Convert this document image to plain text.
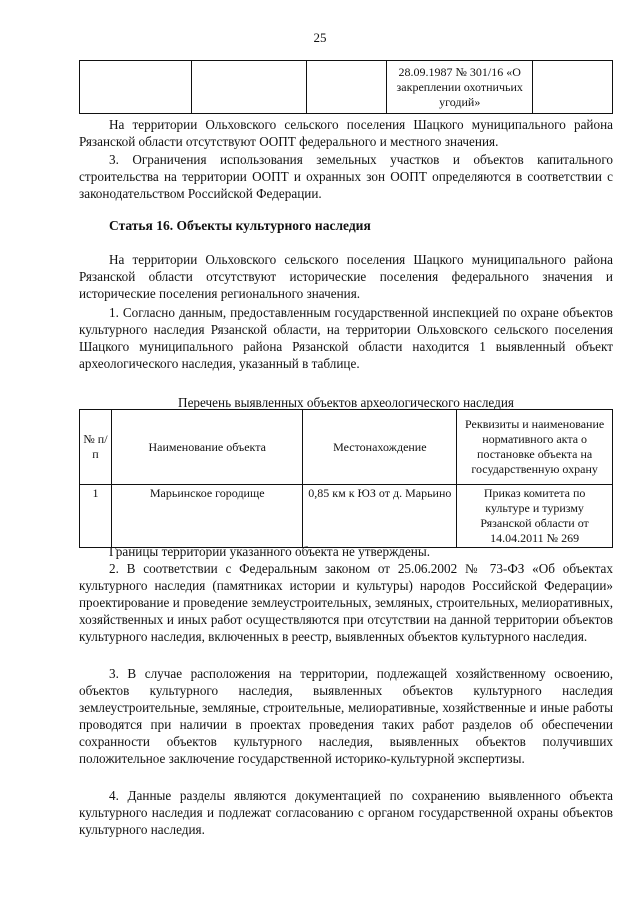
25
			28.09.1987 № 301/16 «О закреплении охотничьих угодий»	

На территории Ольховского сельского поселения Шацкого муниципального района Рязанской области отсутствуют ООПТ федерального и местного значения.

3. Ограничения использования земельных участков и объектов капитального строительства на территории ООПТ и охранных зон ООПТ определяются в соответствии с законодательством Российской Федерации.

Статья 16. Объекты культурного наследия

На территории Ольховского сельского поселения Шацкого муниципального района Рязанской области отсутствуют исторические поселения федерального значения и исторические поселения регионального значения.

1. Согласно данным, предоставленным государственной инспекцией по охране объектов культурного наследия Рязанской области, на территории Ольховского сельского поселения Шацкого муниципального района Рязанской области находится 1 выявленный объект археологического наследия, указанный в таблице.

Перечень выявленных объектов археологического наследия
№ п/п	Наименование объекта	Местонахождение	Реквизиты и наименование нормативного акта о постановке объекта на государственную охрану
1	Марьинское городище	0,85 км к ЮЗ от д. Марьино	Приказ комитета по культуре и туризму Рязанской области от 14.04.2011 № 269

Границы территории указанного объекта не утверждены.

2. В соответствии с Федеральным законом от 25.06.2002 № 73-ФЗ «Об объектах культурного наследия (памятниках истории и культуры) народов Российской Федерации» проектирование и проведение землеустроительных, земляных, строительных, мелиоративных, хозяйственных и иных работ осуществляются при отсутствии на данной территории объектов культурного наследия, включенных в реестр, выявленных объектов культурного наследия.

3. В случае расположения на территории, подлежащей хозяйственному освоению, объектов культурного наследия, выявленных объектов культурного наследия землеустроительные, земляные, строительные, мелиоративные, хозяйственные и иные работы проводятся при наличии в проектах проведения таких работ разделов об обеспечении сохранности объектов культурного наследия, выявленных объектов получивших положительное заключение государственной историко-культурной экспертизы.

4. Данные разделы являются документацией по сохранению выявленного объекта культурного наследия и подлежат согласованию с органом государственной охраны объектов культурного наследия.
